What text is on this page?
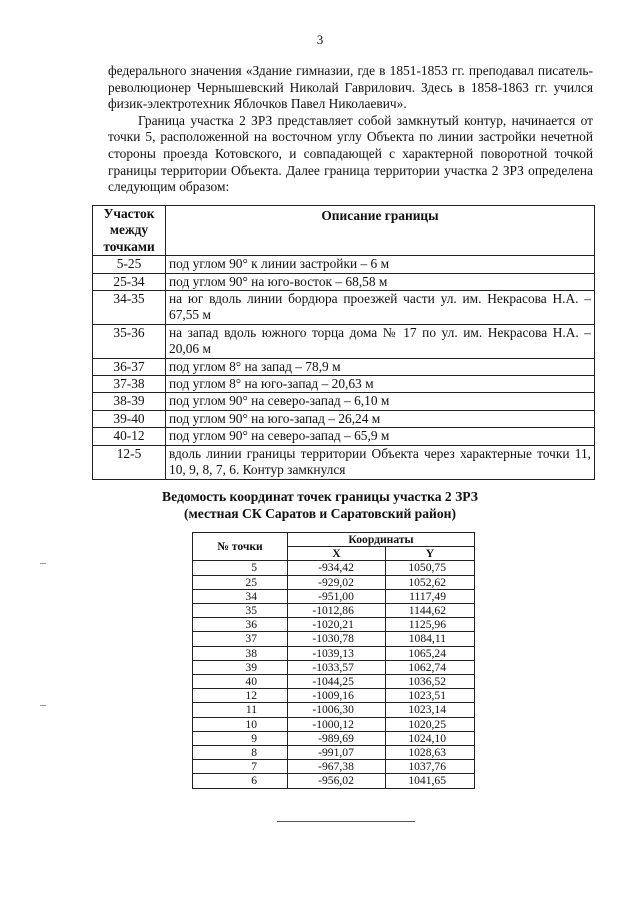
3

федерального значения «Здание гимназии, где в 1851-1853 гг. преподавал писатель-революционер Чернышевский Николай Гаврилович. Здесь в 1858-1863 гг. учился физик-электротехник Яблочков Павел Николаевич».

Граница участка 2 ЗРЗ представляет собой замкнутый контур, начинается от точки 5, расположенной на восточном углу Объекта по линии застройки нечетной стороны проезда Котовского, и совпадающей с характерной поворотной точкой границы территории Объекта. Далее граница территории участка 2 ЗРЗ определена следующим образом:

Участок между точками	Описание границы
5-25	под углом 90° к линии застройки – 6 м
25-34	под углом 90° на юго-восток – 68,58 м
34-35	на юг вдоль линии бордюра проезжей части ул. им. Некрасова Н.А. – 67,55 м
35-36	на запад вдоль южного торца дома № 17 по ул. им. Некрасова Н.А. – 20,06 м
36-37	под углом 8° на запад – 78,9 м
37-38	под углом 8° на юго-запад – 20,63 м
38-39	под углом 90° на северо-запад – 6,10 м
39-40	под углом 90° на юго-запад – 26,24 м
40-12	под углом 90° на северо-запад – 65,9 м
12-5	вдоль линии границы территории Объекта через характерные точки 11, 10, 9, 8, 7, 6. Контур замкнулся
Ведомость координат точек границы участка 2 ЗРЗ
(местная СК Саратов и Саратовский район)
№ точки	Координаты	
	X	Y
5	-934,42	1050,75
25	-929,02	1052,62
34	-951,00	1117,49
35	-1012,86	1144,62
36	-1020,21	1125,96
37	-1030,78	1084,11
38	-1039,13	1065,24
39	-1033,57	1062,74
40	-1044,25	1036,52
12	-1009,16	1023,51
11	-1006,30	1023,14
10	-1000,12	1020,25
9	-989,69	1024,10
8	-991,07	1028,63
7	-967,38	1037,76
6	-956,02	1041,65
